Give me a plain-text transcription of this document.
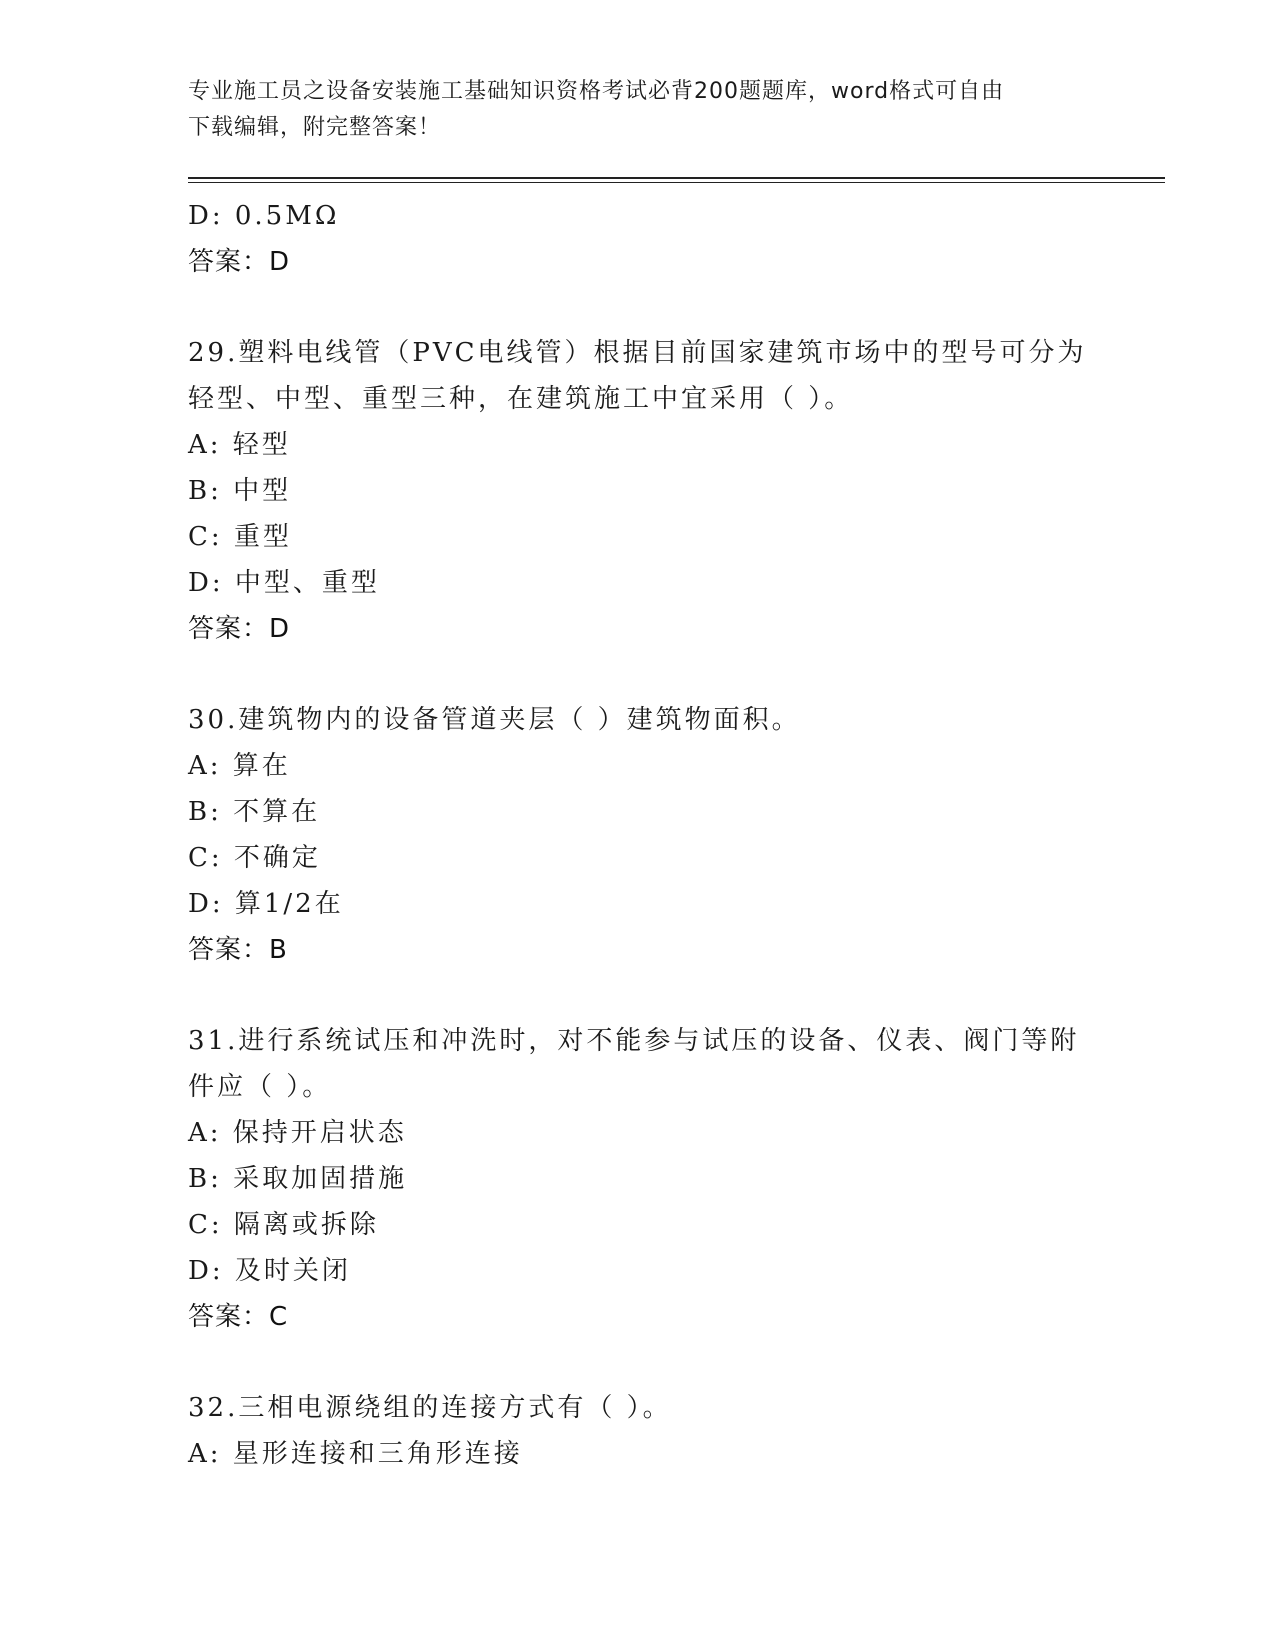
专业施工员之设备安装施工基础知识资格考试必背200题题库，word格式可自由
下载编辑，附完整答案！
D: 0.5MΩ
答案：D
29.塑料电线管（PVC电线管）根据目前国家建筑市场中的型号可分为
轻型、中型、重型三种，在建筑施工中宜采用（ ）。
A: 轻型
B: 中型
C: 重型
D: 中型、重型
答案：D
30.建筑物内的设备管道夹层（ ）建筑物面积。
A: 算在
B: 不算在
C: 不确定
D: 算1/2在
答案：B
31.进行系统试压和冲洗时，对不能参与试压的设备、仪表、阀门等附
件应（ ）。
A: 保持开启状态
B: 采取加固措施
C: 隔离或拆除
D: 及时关闭
答案：C
32.三相电源绕组的连接方式有（ ）。
A: 星形连接和三角形连接
